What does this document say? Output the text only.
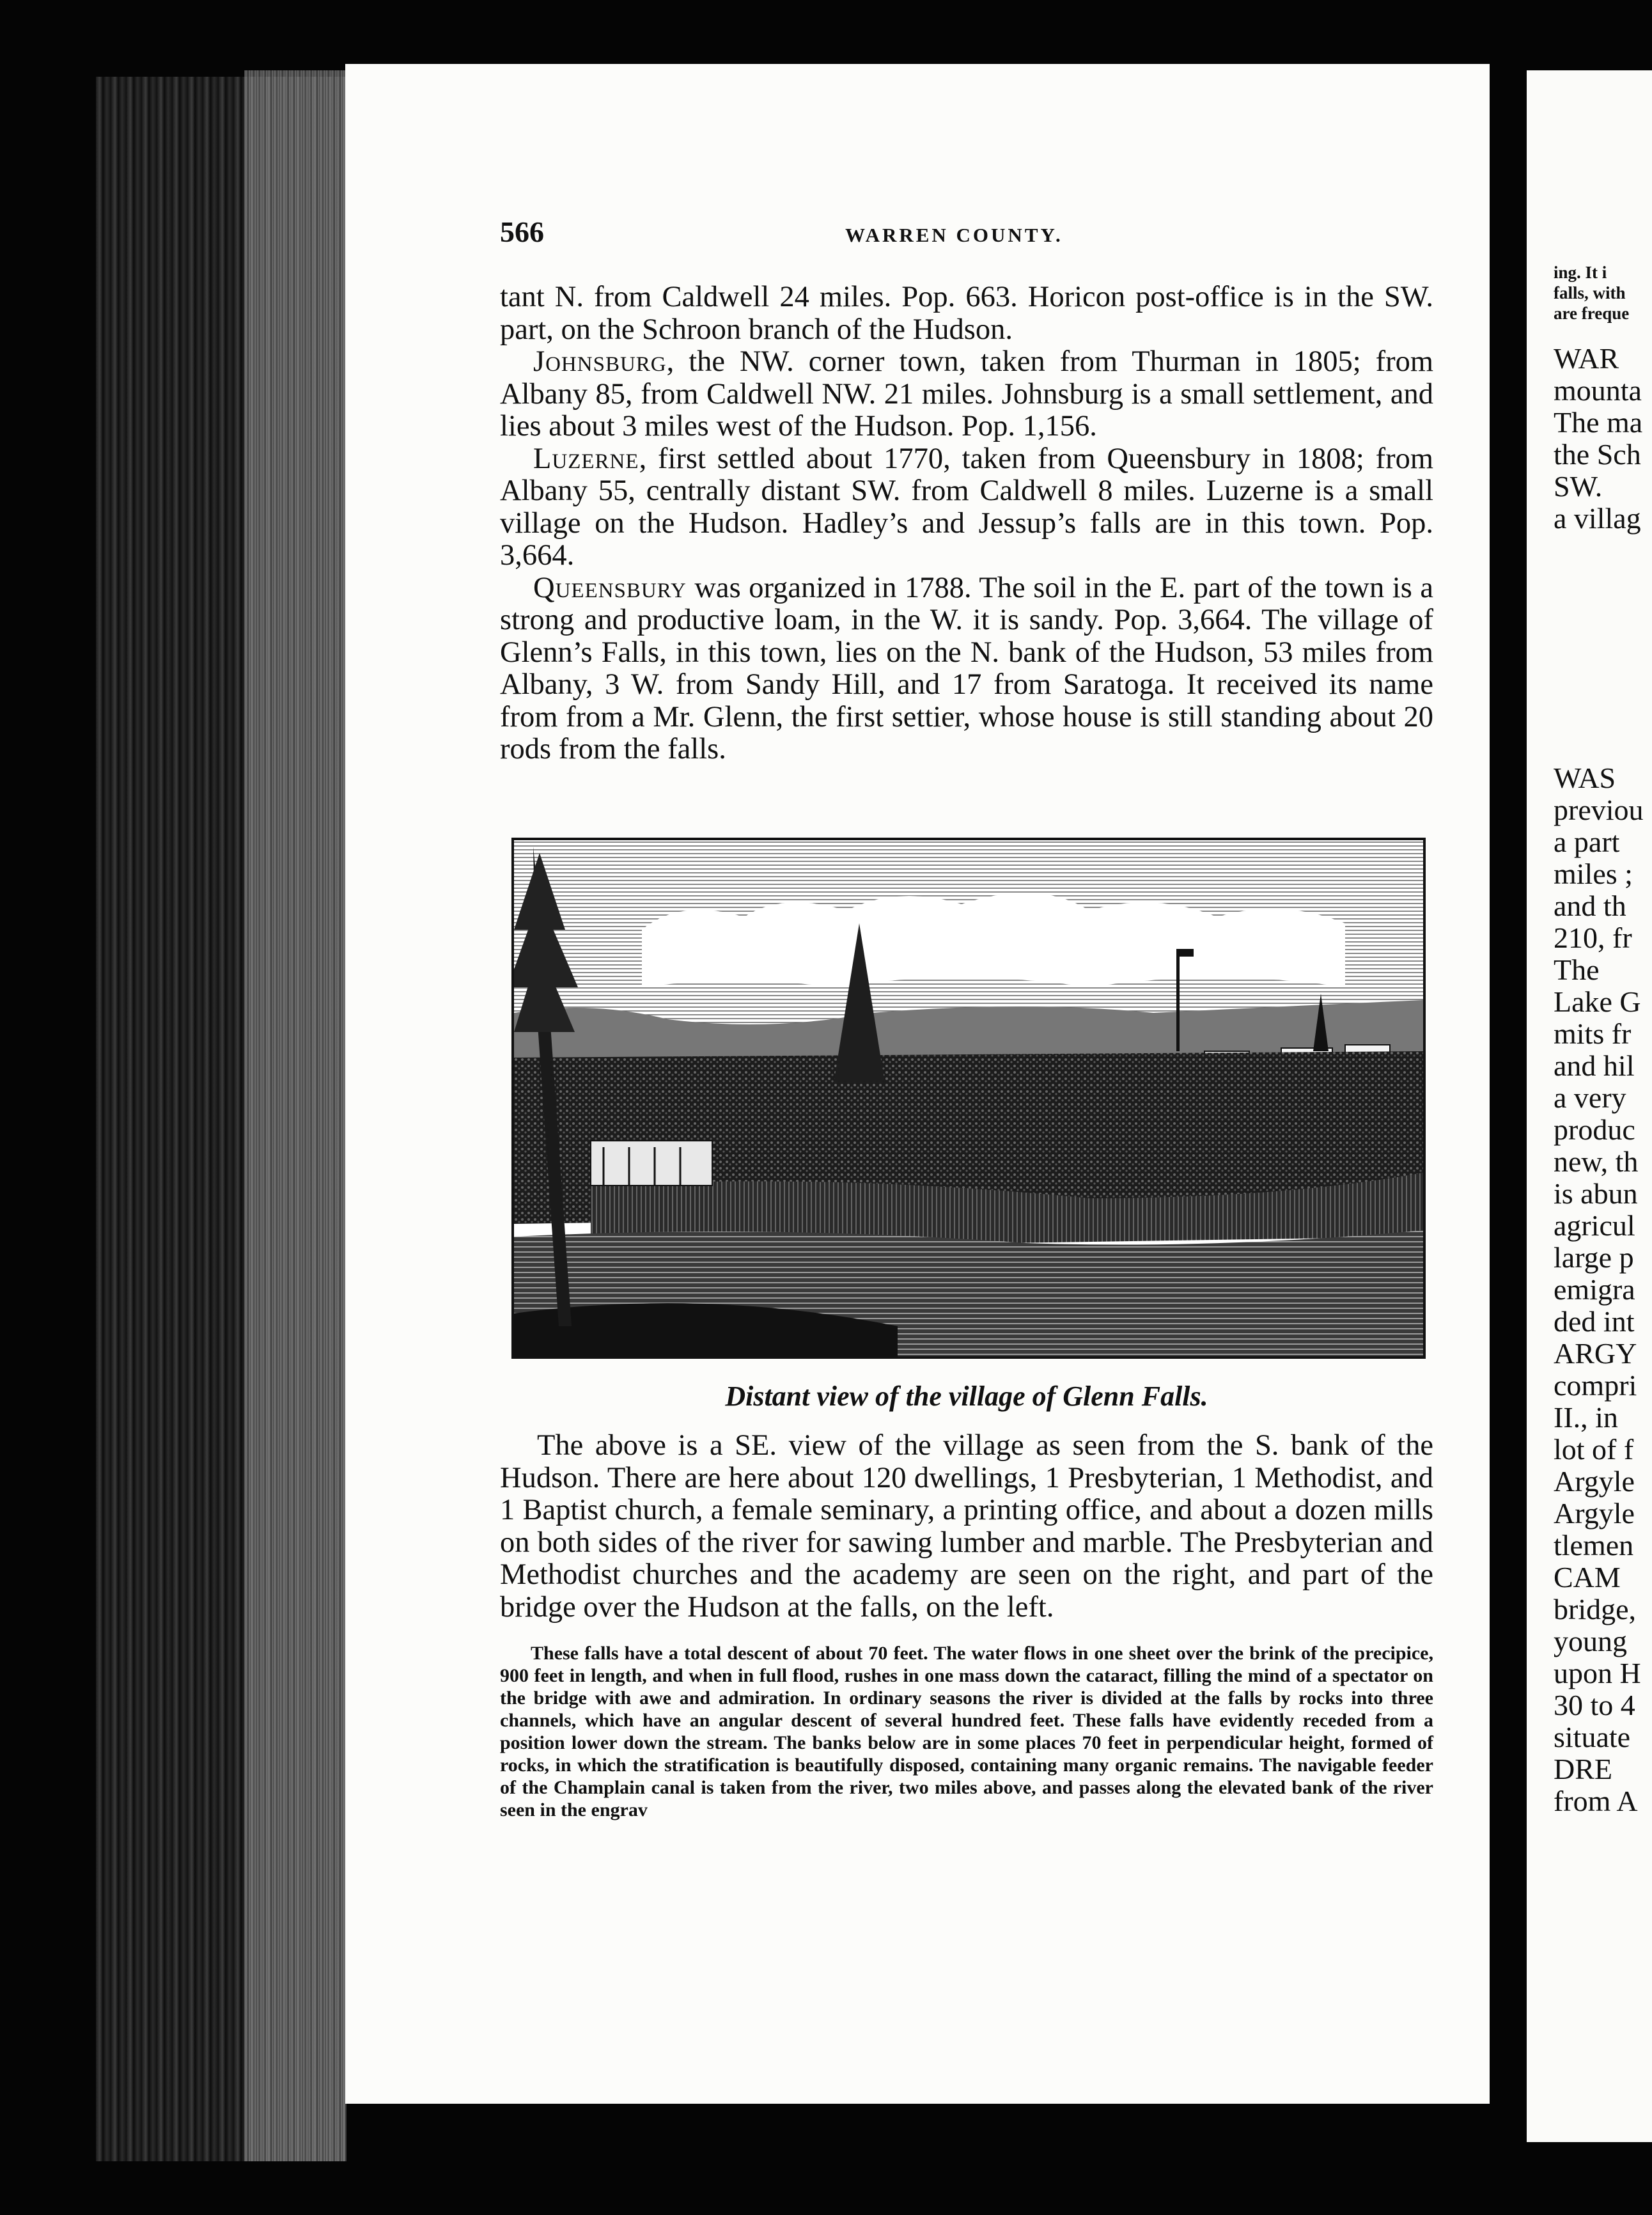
566	WARREN COUNTY.

tant N. from Caldwell 24 miles. Pop. 663. Horicon post-office is in the SW. part, on the Schroon branch of the Hudson.

Johnsburg, the NW. corner town, taken from Thurman in 1805; from Albany 85, from Caldwell NW. 21 miles. Johnsburg is a small settlement, and lies about 3 miles west of the Hudson. Pop. 1,156.

Luzerne, first settled about 1770, taken from Queensbury in 1808; from Albany 55, centrally distant SW. from Caldwell 8 miles. Luzerne is a small village on the Hudson. Hadley’s and Jessup’s falls are in this town. Pop. 3,664.

Queensbury was organized in 1788. The soil in the E. part of the town is a strong and productive loam, in the W. it is sandy. Pop. 3,664. The village of Glenn’s Falls, in this town, lies on the N. bank of the Hudson, 53 miles from Albany, 3 W. from Sandy Hill, and 17 from Saratoga. It received its name from from a Mr. Glenn, the first settier, whose house is still standing about 20 rods from the falls.

Distant view of the village of Glenn Falls.

The above is a SE. view of the village as seen from the S. bank of the Hudson. There are here about 120 dwellings, 1 Presbyterian, 1 Methodist, and 1 Baptist church, a female seminary, a printing office, and about a dozen mills on both sides of the river for sawing lumber and marble. The Presbyterian and Methodist churches and the academy are seen on the right, and part of the bridge over the Hudson at the falls, on the left.

These falls have a total descent of about 70 feet. The water flows in one sheet over the brink of the precipice, 900 feet in length, and when in full flood, rushes in one mass down the cataract, filling the mind of a spectator on the bridge with awe and admiration. In ordinary seasons the river is divided at the falls by rocks into three channels, which have an angular descent of several hundred feet. These falls have evidently receded from a position lower down the stream. The banks below are in some places 70 feet in perpendicular height, formed of rocks, in which the stratification is beautifully disposed, containing many organic remains. The navigable feeder of the Champlain canal is taken from the river, two miles above, and passes along the elevated bank of the river seen in the engrav

ing. It i
falls, with
are freque
WAR
mounta
The ma
the Sch
SW.
a villag
WAS
previou
a part
miles ;
and th
210, fr
The
Lake G
mits fr
and hil
a very
produc
new, th
is abun
agricul
large p
emigra
ded int
ARGY
compri
II., in
lot of f
Argyle
Argyle
tlemen
CAM
bridge,
young
upon H
30 to 4
situate
DRE
from A
